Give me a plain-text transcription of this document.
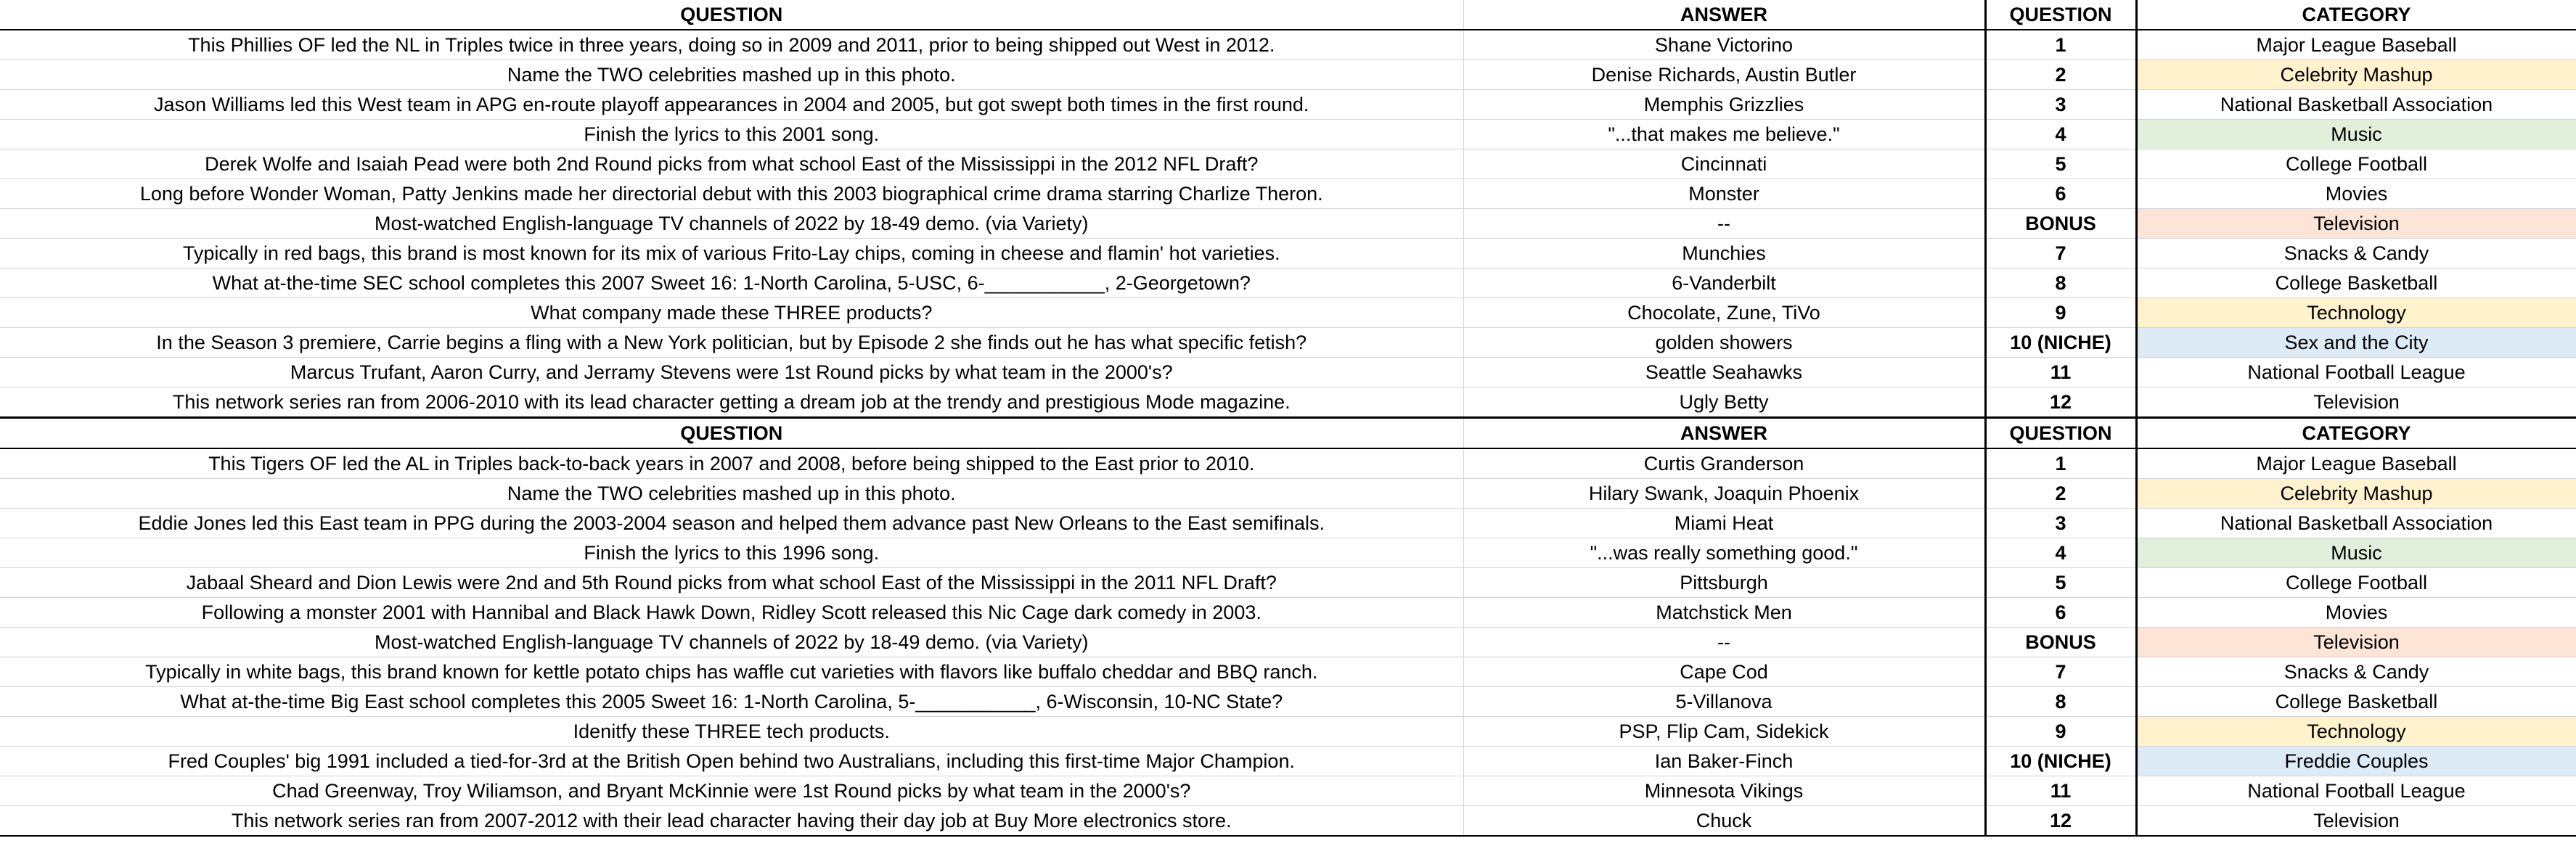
QUESTION	ANSWER	QUESTION	CATEGORY
This Phillies OF led the NL in Triples twice in three years, doing so in 2009 and 2011, prior to being shipped out West in 2012.	Shane Victorino	1	Major League Baseball
Name the TWO celebrities mashed up in this photo.	Denise Richards, Austin Butler	2	Celebrity Mashup
Jason Williams led this West team in APG en-route playoff appearances in 2004 and 2005, but got swept both times in the first round.	Memphis Grizzlies	3	National Basketball Association
Finish the lyrics to this 2001 song.	"...that makes me believe."	4	Music
Derek Wolfe and Isaiah Pead were both 2nd Round picks from what school East of the Mississippi in the 2012 NFL Draft?	Cincinnati	5	College Football
Long before Wonder Woman, Patty Jenkins made her directorial debut with this 2003 biographical crime drama starring Charlize Theron.	Monster	6	Movies
Most-watched English-language TV channels of 2022 by 18-49 demo. (via Variety)	--	BONUS	Television
Typically in red bags, this brand is most known for its mix of various Frito-Lay chips, coming in cheese and flamin' hot varieties.	Munchies	7	Snacks & Candy
What at-the-time SEC school completes this 2007 Sweet 16: 1-North Carolina, 5-USC, 6-___________, 2-Georgetown?	6-Vanderbilt	8	College Basketball
What company made these THREE products?	Chocolate, Zune, TiVo	9	Technology
In the Season 3 premiere, Carrie begins a fling with a New York politician, but by Episode 2 she finds out he has what specific fetish?	golden showers	10 (NICHE)	Sex and the City
Marcus Trufant, Aaron Curry, and Jerramy Stevens were 1st Round picks by what team in the 2000's?	Seattle Seahawks	11	National Football League
This network series ran from 2006-2010 with its lead character getting a dream job at the trendy and prestigious Mode magazine.	Ugly Betty	12	Television
QUESTION	ANSWER	QUESTION	CATEGORY
This Tigers OF led the AL in Triples back-to-back years in 2007 and 2008, before being shipped to the East prior to 2010.	Curtis Granderson	1	Major League Baseball
Name the TWO celebrities mashed up in this photo.	Hilary Swank, Joaquin Phoenix	2	Celebrity Mashup
Eddie Jones led this East team in PPG during the 2003-2004 season and helped them advance past New Orleans to the East semifinals.	Miami Heat	3	National Basketball Association
Finish the lyrics to this 1996 song.	"...was really something good."	4	Music
Jabaal Sheard and Dion Lewis were 2nd and 5th Round picks from what school East of the Mississippi in the 2011 NFL Draft?	Pittsburgh	5	College Football
Following a monster 2001 with Hannibal and Black Hawk Down, Ridley Scott released this Nic Cage dark comedy in 2003.	Matchstick Men	6	Movies
Most-watched English-language TV channels of 2022 by 18-49 demo. (via Variety)	--	BONUS	Television
Typically in white bags, this brand known for kettle potato chips has waffle cut varieties with flavors like buffalo cheddar and BBQ ranch.	Cape Cod	7	Snacks & Candy
What at-the-time Big East school completes this 2005 Sweet 16: 1-North Carolina, 5-___________, 6-Wisconsin, 10-NC State?	5-Villanova	8	College Basketball
Idenitfy these THREE tech products.	PSP, Flip Cam, Sidekick	9	Technology
Fred Couples' big 1991 included a tied-for-3rd at the British Open behind two Australians, including this first-time Major Champion.	Ian Baker-Finch	10 (NICHE)	Freddie Couples
Chad Greenway, Troy Wiliamson, and Bryant McKinnie were 1st Round picks by what team in the 2000's?	Minnesota Vikings	11	National Football League
This network series ran from 2007-2012 with their lead character having their day job at Buy More electronics store.	Chuck	12	Television
